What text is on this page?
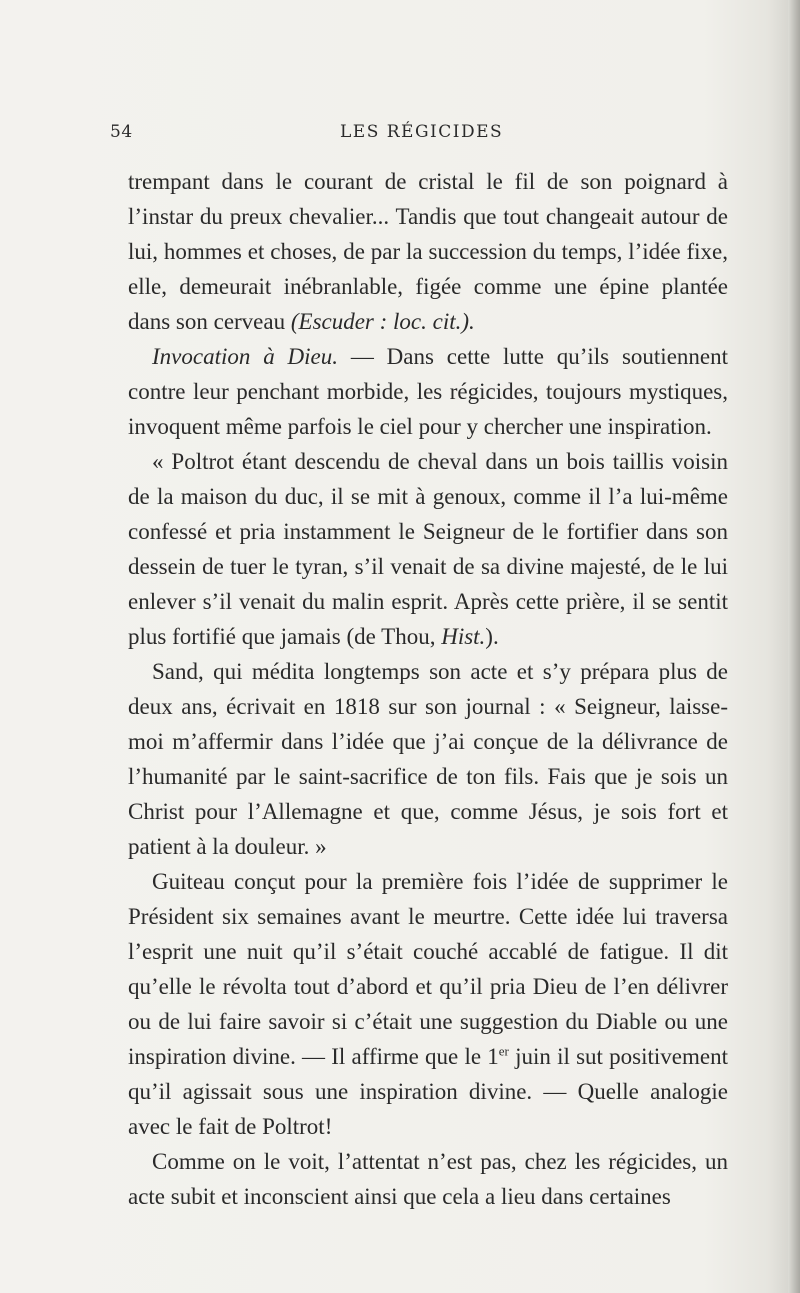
54	LES RÉGICIDES

trempant dans le courant de cristal le fil de son poignard à l’instar du preux chevalier... Tandis que tout changeait autour de lui, hommes et choses, de par la succession du temps, l’idée fixe, elle, demeurait inébranlable, figée comme une épine plantée dans son cerveau (Escuder : loc. cit.).

Invocation à Dieu. — Dans cette lutte qu’ils soutiennent contre leur penchant morbide, les régicides, toujours mystiques, invoquent même parfois le ciel pour y chercher une inspiration.

« Poltrot étant descendu de cheval dans un bois taillis voisin de la maison du duc, il se mit à genoux, comme il l’a lui-même confessé et pria instamment le Seigneur de le fortifier dans son dessein de tuer le tyran, s’il venait de sa divine majesté, de le lui enlever s’il venait du malin esprit. Après cette prière, il se sentit plus fortifié que jamais (de Thou, Hist.).

Sand, qui médita longtemps son acte et s’y prépara plus de deux ans, écrivait en 1818 sur son journal : « Seigneur, laisse-moi m’affermir dans l’idée que j’ai conçue de la délivrance de l’humanité par le saint-sacrifice de ton fils. Fais que je sois un Christ pour l’Allemagne et que, comme Jésus, je sois fort et patient à la douleur. »

Guiteau conçut pour la première fois l’idée de supprimer le Président six semaines avant le meurtre. Cette idée lui traversa l’esprit une nuit qu’il s’était couché accablé de fatigue. Il dit qu’elle le révolta tout d’abord et qu’il pria Dieu de l’en délivrer ou de lui faire savoir si c’était une suggestion du Diable ou une inspiration divine. — Il affirme que le 1er juin il sut positivement qu’il agissait sous une inspiration divine. — Quelle analogie avec le fait de Poltrot!

Comme on le voit, l’attentat n’est pas, chez les régicides, un acte subit et inconscient ainsi que cela a lieu dans certaines
